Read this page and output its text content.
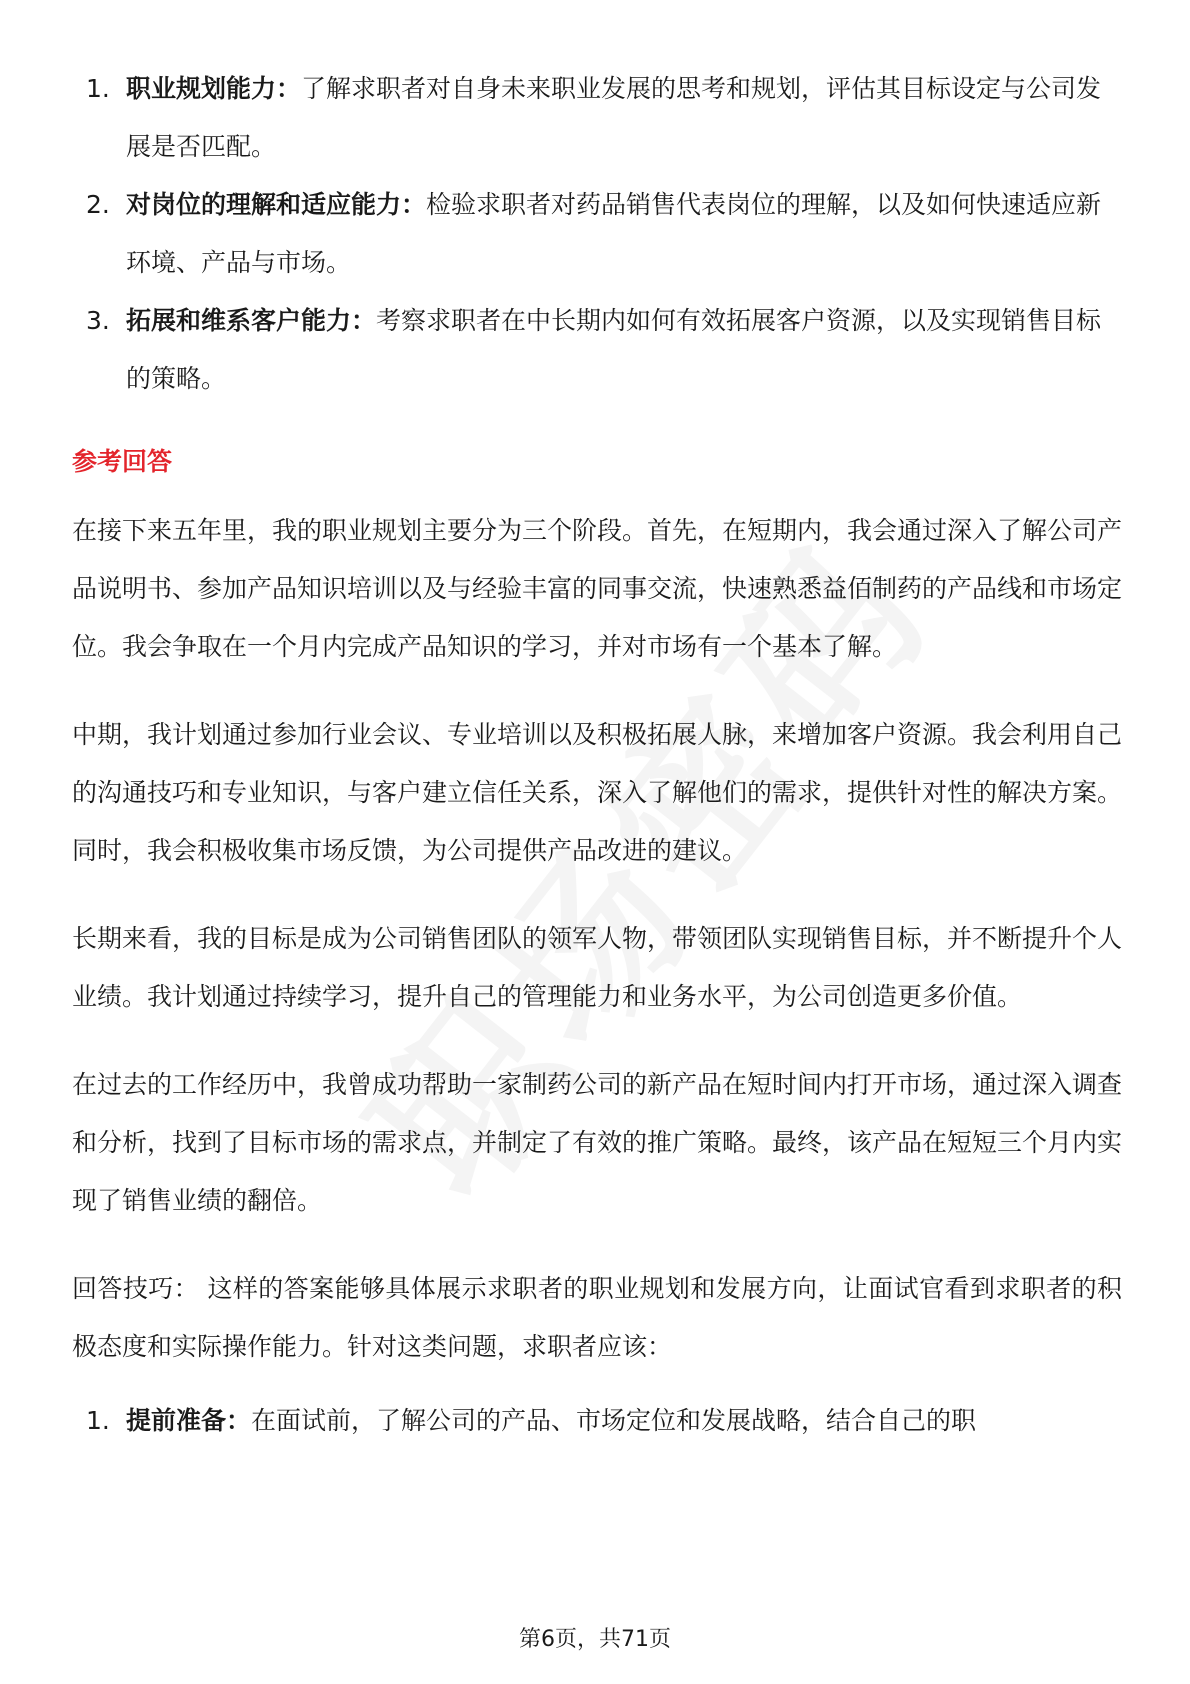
1. 职业规划能力：了解求职者对自身未来职业发展的思考和规划，评估其目标设定与公司发展是否匹配。
2. 对岗位的理解和适应能力：检验求职者对药品销售代表岗位的理解，以及如何快速适应新环境、产品与市场。
3. 拓展和维系客户能力：考察求职者在中长期内如何有效拓展客户资源，以及实现销售目标的策略。
参考回答

在接下来五年里，我的职业规划主要分为三个阶段。首先，在短期内，我会通过深入了解公司产品说明书、参加产品知识培训以及与经验丰富的同事交流，快速熟悉益佰制药的产品线和市场定位。我会争取在一个月内完成产品知识的学习，并对市场有一个基本了解。

中期，我计划通过参加行业会议、专业培训以及积极拓展人脉，来增加客户资源。我会利用自己的沟通技巧和专业知识，与客户建立信任关系，深入了解他们的需求，提供针对性的解决方案。同时，我会积极收集市场反馈，为公司提供产品改进的建议。

长期来看，我的目标是成为公司销售团队的领军人物，带领团队实现销售目标，并不断提升个人业绩。我计划通过持续学习，提升自己的管理能力和业务水平，为公司创造更多价值。

在过去的工作经历中，我曾成功帮助一家制药公司的新产品在短时间内打开市场，通过深入调查和分析，找到了目标市场的需求点，并制定了有效的推广策略。最终，该产品在短短三个月内实现了销售业绩的翻倍。

回答技巧： 这样的答案能够具体展示求职者的职业规划和发展方向，让面试官看到求职者的积极态度和实际操作能力。针对这类问题，求职者应该：

1. 提前准备：在面试前，了解公司的产品、市场定位和发展战略，结合自己的职
第6页，共71页
